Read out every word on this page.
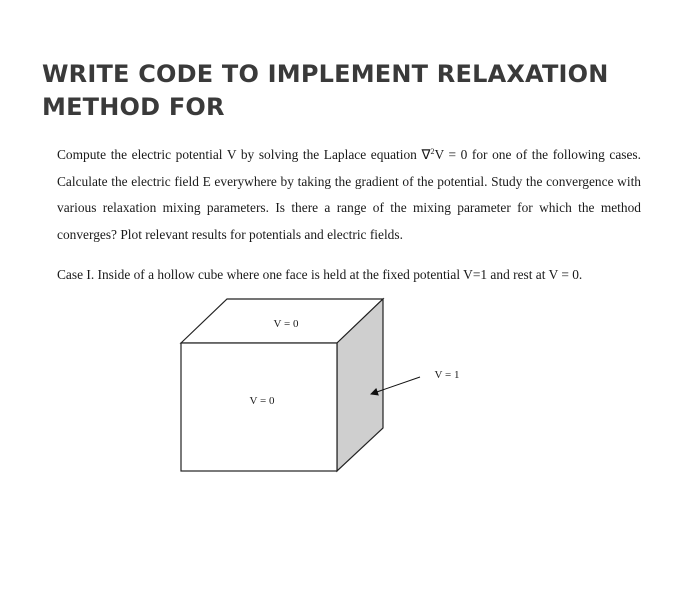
WRITE CODE TO IMPLEMENT RELAXATION METHOD FOR

Compute the electric potential V by solving the Laplace equation ∇$^2$V = 0 for one of the following cases. Calculate the electric field E everywhere by taking the gradient of the potential. Study the convergence with various relaxation mixing parameters. Is there a range of the mixing parameter for which the method converges? Plot relevant results for potentials and electric fields.

Case I. Inside of a hollow cube where one face is held at the fixed potential V=1 and rest at V = 0.

V = 0
V = 0
V = 1
